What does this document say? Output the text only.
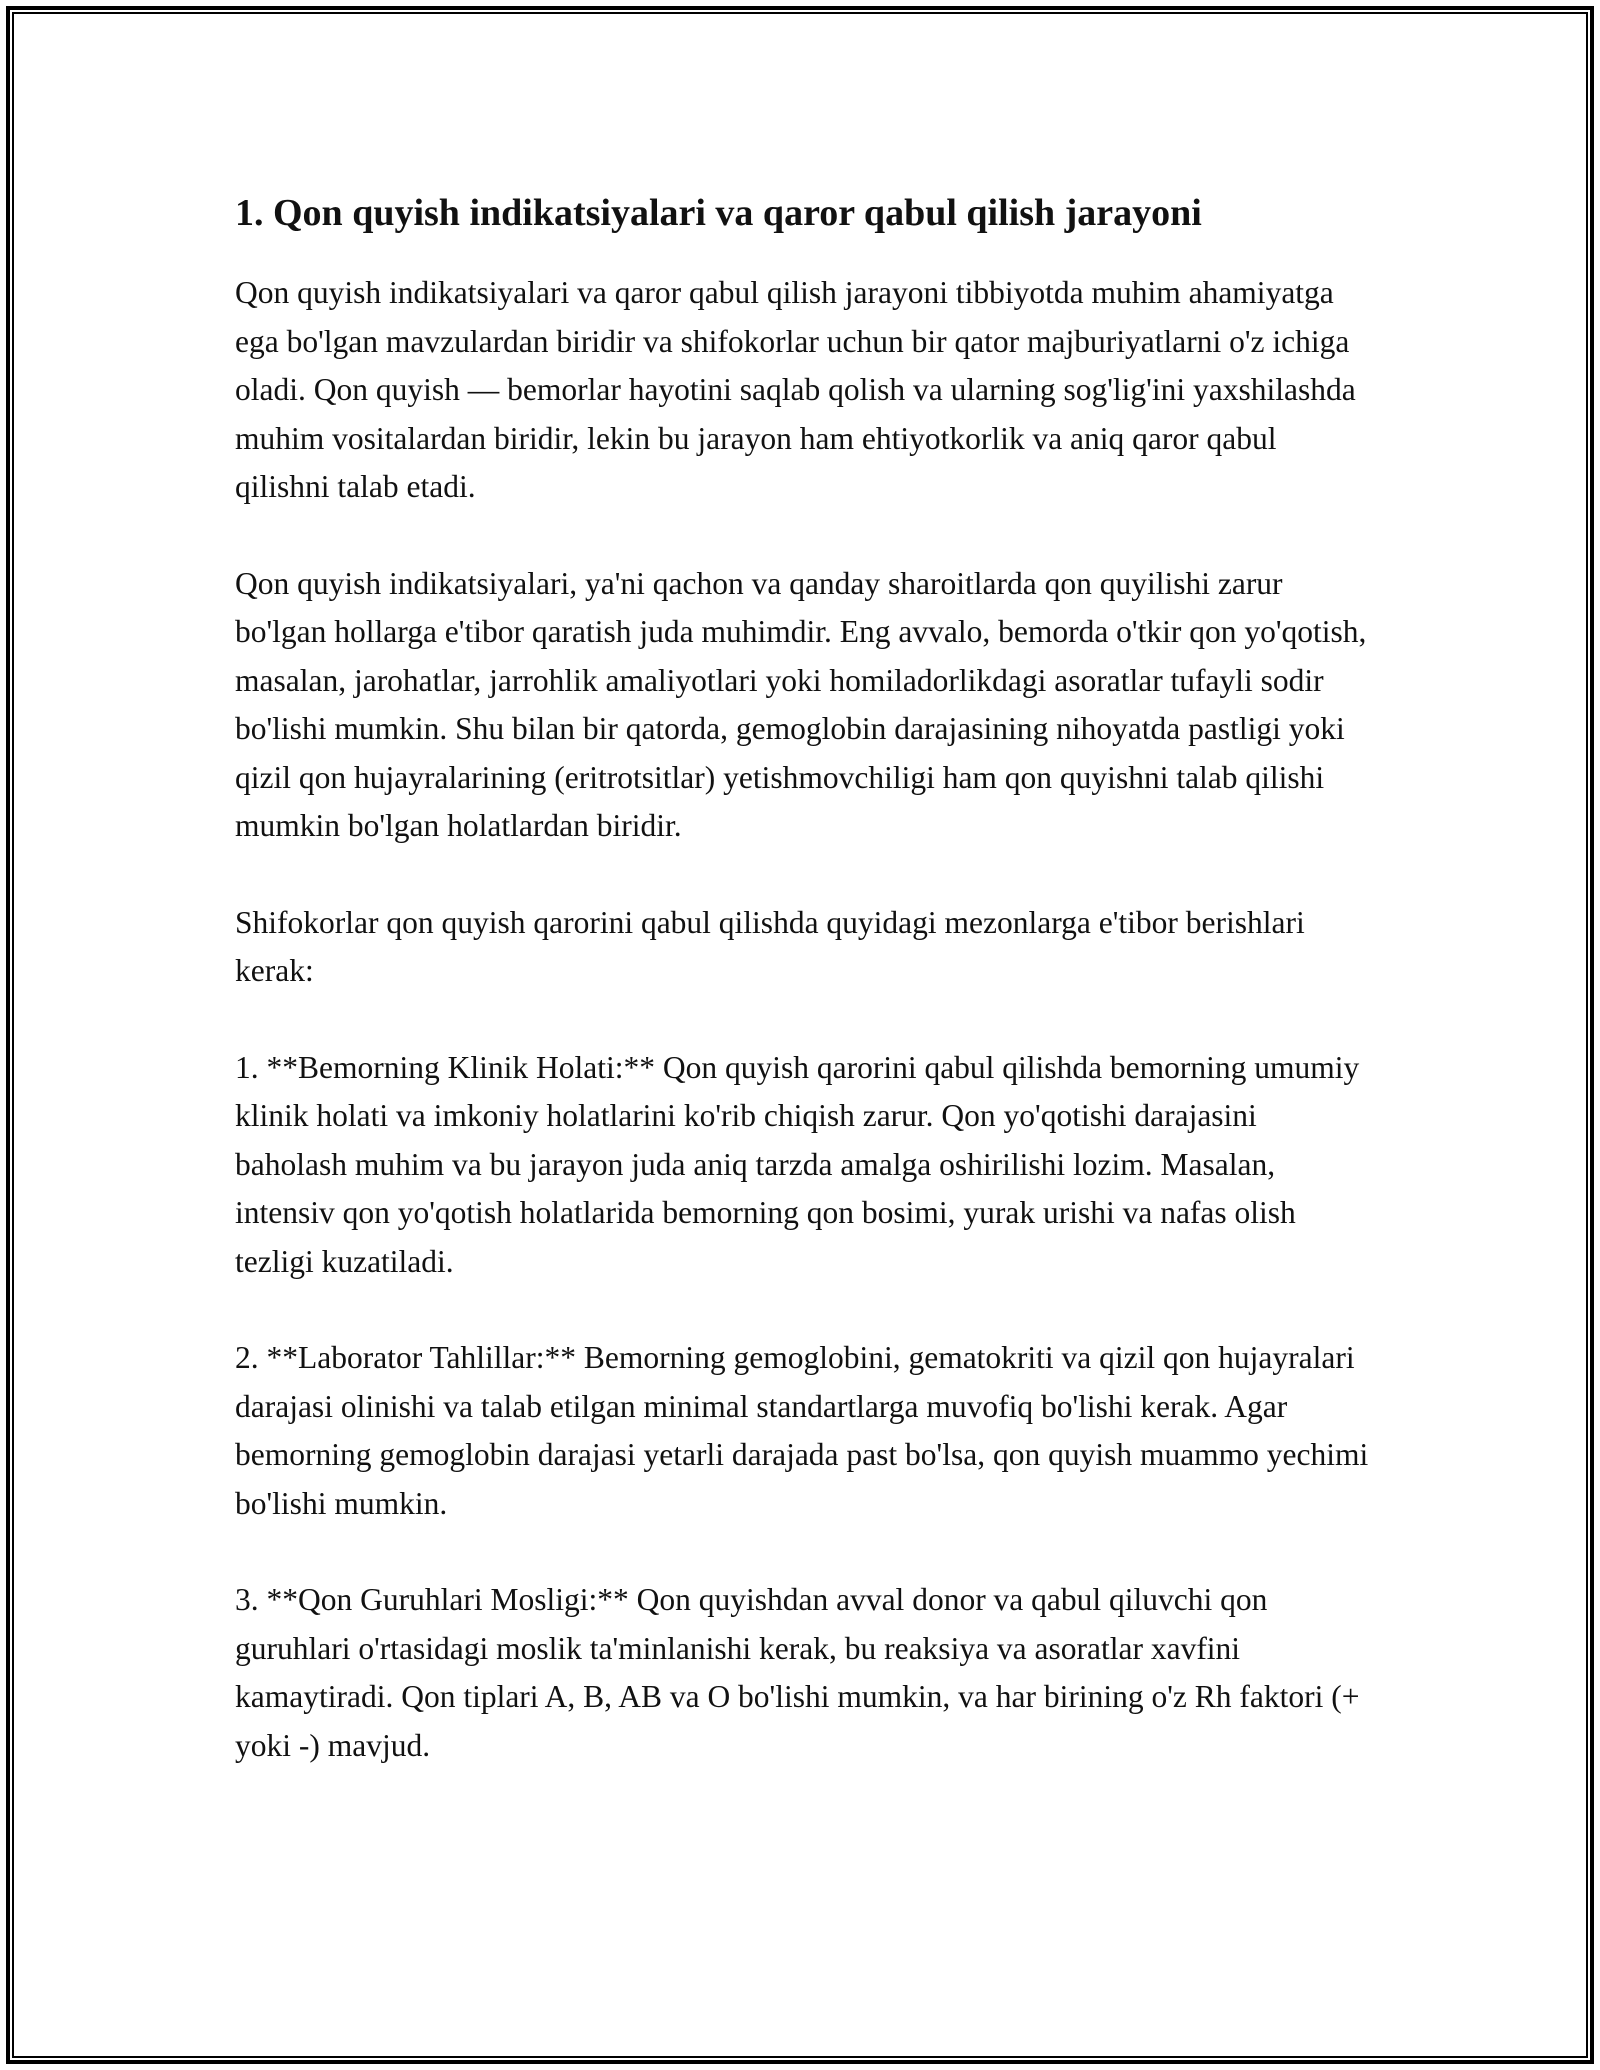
1. Qon quyish indikatsiyalari va qaror qabul qilish jarayoni

Qon quyish indikatsiyalari va qaror qabul qilish jarayoni tibbiyotda muhim ahamiyatga ega bo'lgan mavzulardan biridir va shifokorlar uchun bir qator majburiyatlarni o'z ichiga oladi. Qon quyish — bemorlar hayotini saqlab qolish va ularning sog'lig'ini yaxshilashda muhim vositalardan biridir, lekin bu jarayon ham ehtiyotkorlik va aniq qaror qabul qilishni talab etadi.

Qon quyish indikatsiyalari, ya'ni qachon va qanday sharoitlarda qon quyilishi zarur bo'lgan hollarga e'tibor qaratish juda muhimdir. Eng avvalo, bemorda o'tkir qon yo'qotish, masalan, jarohatlar, jarrohlik amaliyotlari yoki homiladorlikdagi asoratlar tufayli sodir bo'lishi mumkin. Shu bilan bir qatorda, gemoglobin darajasining nihoyatda pastligi yoki qizil qon hujayralarining (eritrotsitlar) yetishmovchiligi ham qon quyishni talab qilishi mumkin bo'lgan holatlardan biridir.

Shifokorlar qon quyish qarorini qabul qilishda quyidagi mezonlarga e'tibor berishlari kerak:

1. **Bemorning Klinik Holati:** Qon quyish qarorini qabul qilishda bemorning umumiy klinik holati va imkoniy holatlarini ko'rib chiqish zarur. Qon yo'qotishi darajasini baholash muhim va bu jarayon juda aniq tarzda amalga oshirilishi lozim. Masalan, intensiv qon yo'qotish holatlarida bemorning qon bosimi, yurak urishi va nafas olish tezligi kuzatiladi.

2. **Laborator Tahlillar:** Bemorning gemoglobini, gematokriti va qizil qon hujayralari darajasi olinishi va talab etilgan minimal standartlarga muvofiq bo'lishi kerak. Agar bemorning gemoglobin darajasi yetarli darajada past bo'lsa, qon quyish muammo yechimi bo'lishi mumkin.

3. **Qon Guruhlari Mosligi:** Qon quyishdan avval donor va qabul qiluvchi qon guruhlari o'rtasidagi moslik ta'minlanishi kerak, bu reaksiya va asoratlar xavfini kamaytiradi. Qon tiplari A, B, AB va O bo'lishi mumkin, va har birining o'z Rh faktori (+ yoki -) mavjud.
